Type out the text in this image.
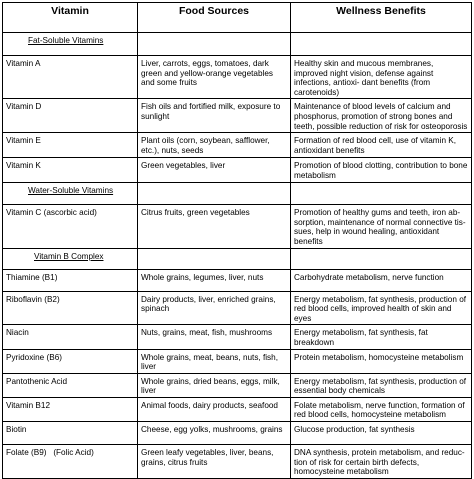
Vitamin	Food Sources	Wellness Benefits
Fat-Soluble Vitamins		
Vitamin A	Liver, carrots, eggs, tomatoes, dark green and yellow-orange vegetables and some fruits	Healthy skin and mucous membranes, improved night vision, defense against infections, antioxi- dant benefits (from carotenoids)
Vitamin D	Fish oils and fortified milk, exposure to sunlight	Maintenance of blood levels of calcium and phosphorus, promotion of strong bones and teeth, possible reduction of risk for osteoporosis
Vitamin E	Plant oils (corn, soybean, safflower, etc.), nuts, seeds	Formation of red blood cell, use of vitamin K, antioxidant benefits
Vitamin K	Green vegetables, liver	Promotion of blood clotting, contribution to bone metabolism
Water-Soluble Vitamins		
Vitamin C (ascorbic acid)	Citrus fruits, green vegetables	Promotion of healthy gums and teeth, iron ab- sorption, maintenance of normal connective tis- sues, help in wound healing, antioxidant benefits
Vitamin B Complex		
Thiamine (B1)	Whole grains, legumes, liver, nuts	Carbohydrate metabolism, nerve function
Riboflavin (B2)	Dairy products, liver, enriched grains, spinach	Energy metabolism, fat synthesis, production of red blood cells, improved health of skin and eyes
Niacin	Nuts, grains, meat, fish, mushrooms	Energy metabolism, fat synthesis, fat breakdown
Pyridoxine (B6)	Whole grains, meat, beans, nuts, fish, liver	Protein metabolism, homocysteine metabolism
Pantothenic Acid	Whole grains, dried beans, eggs, milk, liver	Energy metabolism, fat synthesis, production of essential body chemicals
Vitamin B12	Animal foods, dairy products, seafood	Folate metabolism, nerve function, formation of red blood cells, homocysteine metabolism
Biotin	Cheese, egg yolks, mushrooms, grains	Glucose production, fat synthesis
Folate (B9)   (Folic Acid)	Green leafy vegetables, liver, beans, grains, citrus fruits	DNA synthesis, protein metabolism, and reduc- tion of risk for certain birth defects, homocysteine metabolism
